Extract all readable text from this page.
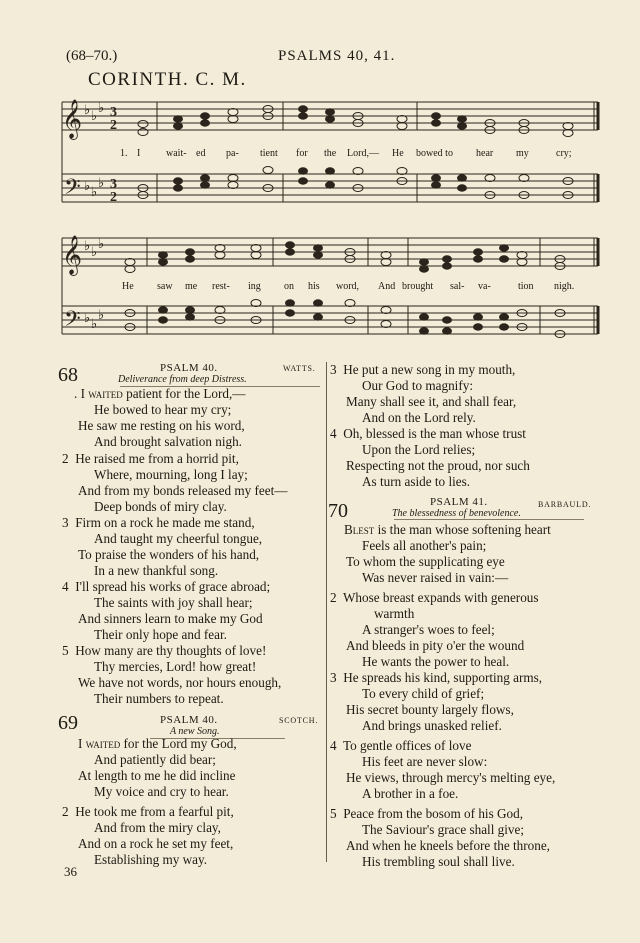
(68–70.)	PSALMS 40, 41.
CORINTH. C. M.
𝄞
𝄢
♭ ♭
♭
♭ ♭
♭
3
2
3
2
1. I	wait- ed pa- tient for the Lord,— He bowed to hear my	cry;
𝄞
𝄢
♭ ♭
♭
♭ ♭
♭
He saw me rest- ing on his word, And brought sal- va-	tion nigh.
68	PSALM 40.	WATTS.
Deliverance from deep Distress.
. I waited patient for the Lord,—
He bowed to hear my cry;
He saw me resting on his word,
And brought salvation nigh.
2 He raised me from a horrid pit,
Where, mourning, long I lay;
And from my bonds released my feet—
Deep bonds of miry clay.
3 Firm on a rock he made me stand,
And taught my cheerful tongue,
To praise the wonders of his hand,
In a new thankful song.
4 I'll spread his works of grace abroad;
The saints with joy shall hear;
And sinners learn to make my God
Their only hope and fear.
5 How many are thy thoughts of love!
Thy mercies, Lord! how great!
We have not words, nor hours enough,
Their numbers to repeat.
69	PSALM 40.	SCOTCH.
A new Song.
I waited for the Lord my God,
And patiently did bear;
At length to me he did incline
My voice and cry to hear.
2 He took me from a fearful pit,
And from the miry clay,
And on a rock he set my feet,
Establishing my way.
36
3 He put a new song in my mouth,
Our God to magnify:
Many shall see it, and shall fear,
And on the Lord rely.
4 Oh, blessed is the man whose trust
Upon the Lord relies;
Respecting not the proud, nor such
As turn aside to lies.
70	PSALM 41.	BARBAULD.
The blessedness of benevolence.
Blest is the man whose softening heart
Feels all another's pain;
To whom the supplicating eye
Was never raised in vain:—
2 Whose breast expands with generous
warmth
A stranger's woes to feel;
And bleeds in pity o'er the wound
He wants the power to heal.
3 He spreads his kind, supporting arms,
To every child of grief;
His secret bounty largely flows,
And brings unasked relief.
4 To gentle offices of love
His feet are never slow:
He views, through mercy's melting eye,
A brother in a foe.
5 Peace from the bosom of his God,
The Saviour's grace shall give;
And when he kneels before the throne,
His trembling soul shall live.
